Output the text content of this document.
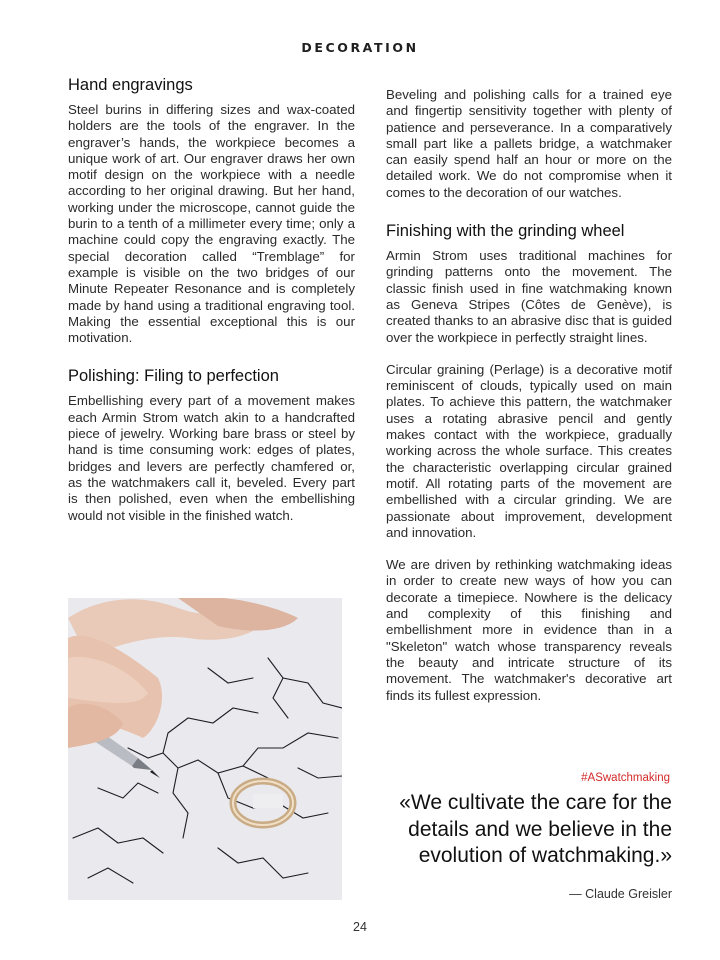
DECORATION
Hand engravings

Steel burins in differing sizes and wax-coated holders are the tools of the engraver. In the engraver’s hands, the workpiece becomes a unique work of art. Our engraver draws her own motif design on the workpiece with a needle according to her original drawing. But her hand, working under the microscope, cannot guide the burin to a tenth of a millimeter every time; only a machine could copy the engraving exactly. The special decoration called “Tremblage” for example is visible on the two bridges of our Minute Repeater Resonance and is completely made by hand using a traditional engraving tool. Making the essential exceptional this is our motivation.

Polishing: Filing to perfection

Embellishing every part of a movement makes each Armin Strom watch akin to a handcrafted piece of jewelry. Working bare brass or steel by hand is time consuming work: edges of plates, bridges and levers are perfectly chamfered or, as the watchmakers call it, beveled. Every part is then polished, even when the embellishing would not visible in the finished watch.

Beveling and polishing calls for a trained eye and fingertip sensitivity together with plenty of patience and perseverance. In a comparatively small part like a pallets bridge, a watchmaker can easily spend half an hour or more on the detailed work. We do not compromise when it comes to the decoration of our watches.

Finishing with the grinding wheel

Armin Strom uses traditional machines for grinding patterns onto the movement. The classic finish used in fine watchmaking known as Geneva Stripes (Côtes de Genève), is created thanks to an abrasive disc that is guided over the workpiece in perfectly straight lines.

Circular graining (Perlage) is a decorative motif reminiscent of clouds, typically used on main plates. To achieve this pattern, the watchmaker uses a rotating abrasive pencil and gently makes contact with the workpiece, gradually working across the whole surface. This creates the characteristic overlapping circular grained motif. All rotating parts of the movement are embellished with a circular grinding. We are passionate about improvement, development and innovation.

We are driven by rethinking watchmaking ideas in order to create new ways of how you can decorate a timepiece. Nowhere is the delicacy and complexity of this finishing and embellishment more in evidence than in a "Skeleton" watch whose transparency reveals the beauty and intricate structure of its movement. The watchmaker's decorative art finds its fullest expression.

#ASwatchmaking
«We cultivate the care for the details and we believe in the evolution of watchmaking.»
— Claude Greisler
24
